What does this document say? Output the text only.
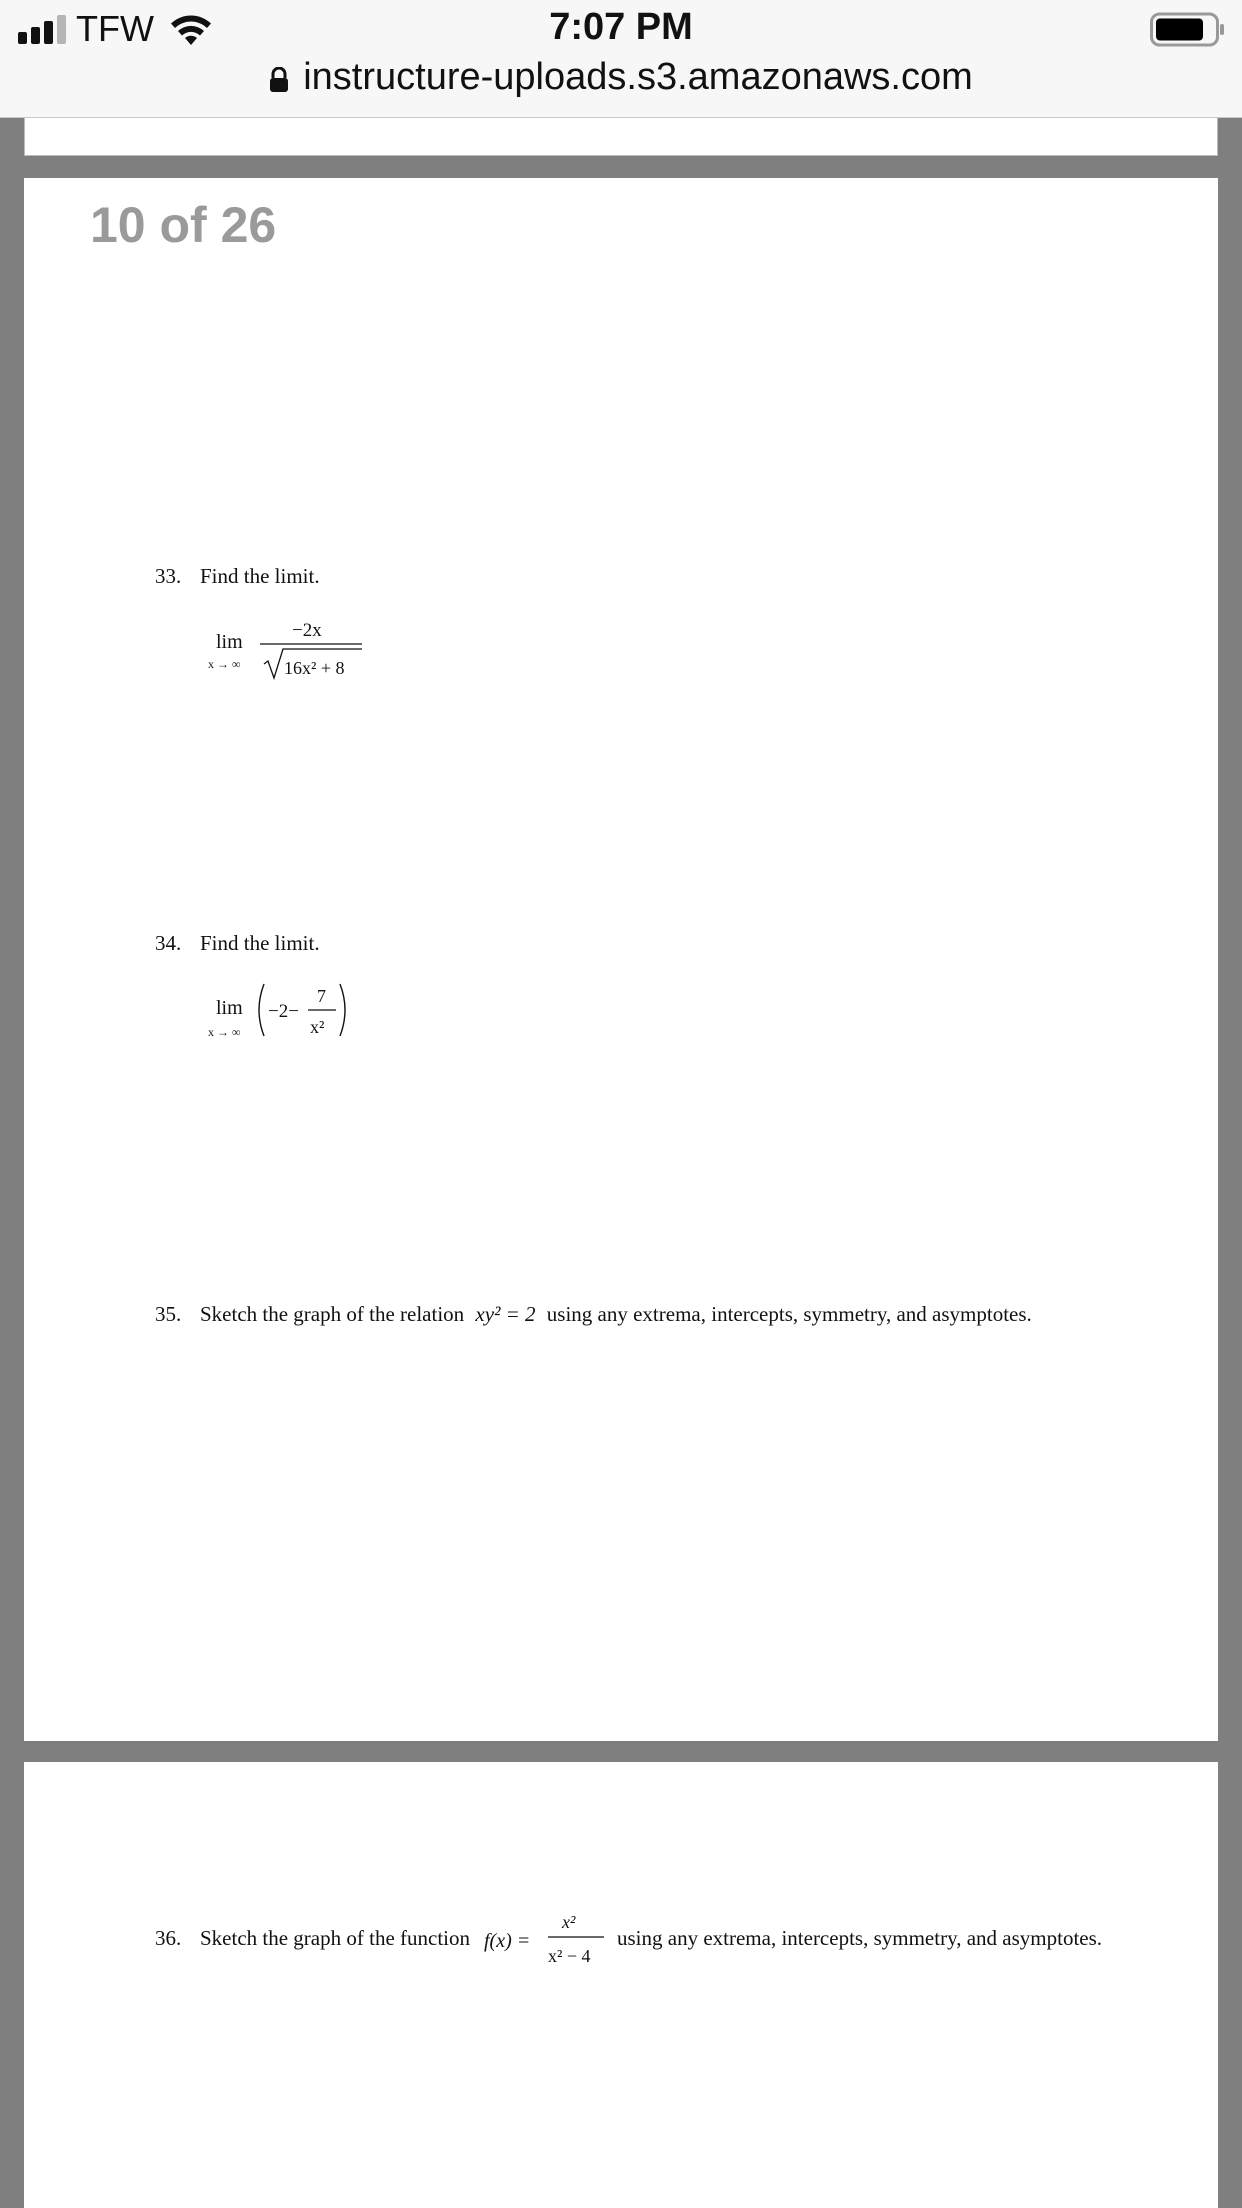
TFW	7:07 PM
instructure-uploads.s3.amazonaws.com
10 of 26
33. Find the limit.
lim
x → ∞
−2x
16x² + 8
34. Find the limit.
lim
x → ∞
−2−
7
x²
35. Sketch the graph of the relation xy² = 2 using any extrema, intercepts, symmetry, and asymptotes.
36. Sketch the graph of the function f(x) =
x²
x² − 4
using any extrema, intercepts, symmetry, and asymptotes.
